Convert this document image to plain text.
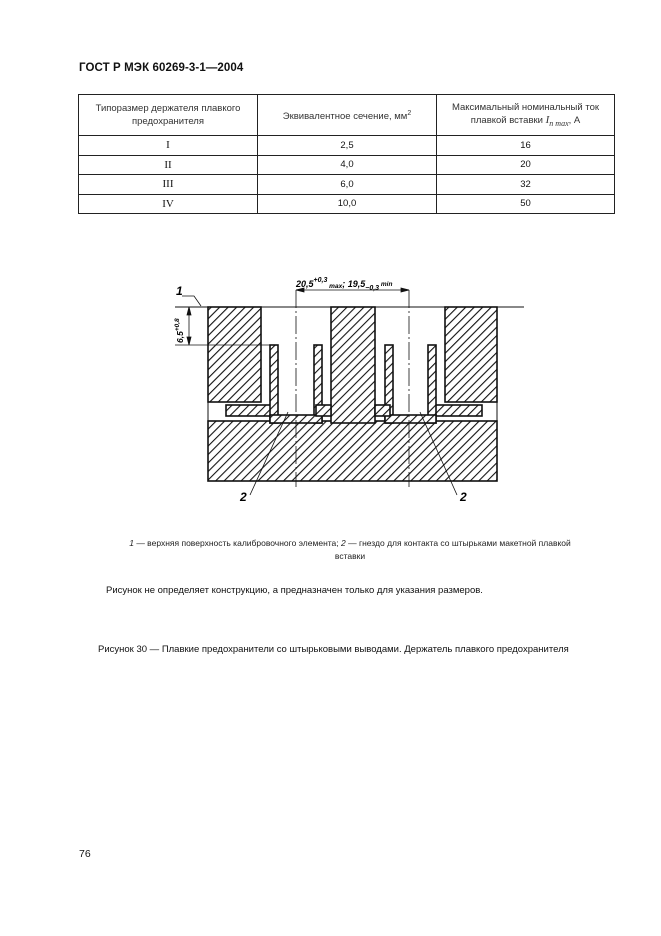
ГОСТ Р МЭК 60269-3-1—2004
Типоразмер держателя плавкого предохранителя	Эквивалентное сечение, $мм^2$	Максимальный номинальный ток плавкой вставки $I_{n max}$, А
I	2,5	16
II	4,0	20
III	6,0	32
IV	10,0	50
$20,5^{+0,3}$ max; $19,5_{-0,3}$ min
$6,5^{+0,8}$
1
2	2
1 — верхняя поверхность калибровочного элемента; 2 — гнездо для контакта со штырьками макетной плавкой вставки
Рисунок не определяет конструкцию, а предназначен только для указания размеров.
Рисунок 30 — Плавкие предохранители со штырьковыми выводами. Держатель плавкого предохранителя
76
